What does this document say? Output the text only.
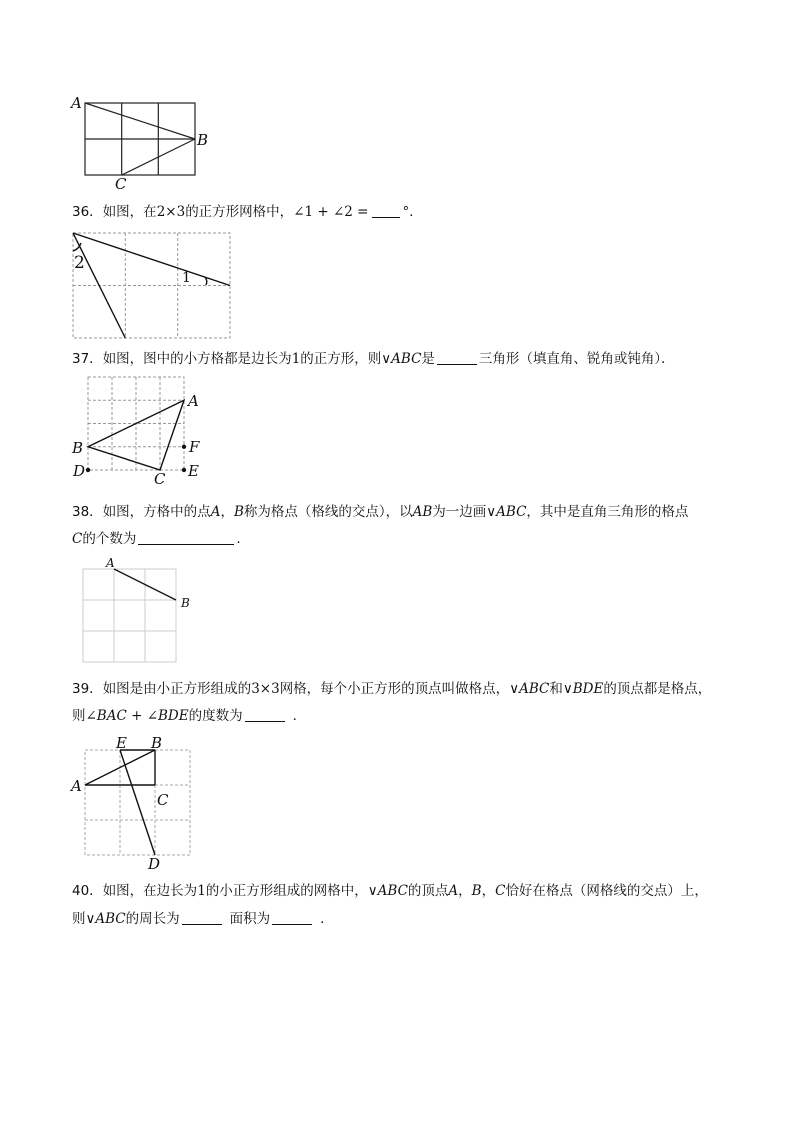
A
B
C
36．如图，在2×3的正方形网格中，∠1 + ∠2 =	°．
1
2
37．如图，图中的小方格都是边长为1的正方形，则∨ABC是	三角形（填直角、锐角或钝角）．
A
B
C
D	E
F
38．如图，方格中的点A，B称为格点（格线的交点），以AB为一边画∨ABC，其中是直角三角形的格点
C的个数为	.
A
B
39．如图是由小正方形组成的3×3网格，每个小正方形的顶点叫做格点，∨ABC和∨BDE的顶点都是格点，
则∠BAC + ∠BDE的度数为	．
E B
A
C
D
40．如图，在边长为1的小正方形组成的网格中，∨ABC的顶点A，B，C恰好在格点（网格线的交点）上，
则∨ABC的周长为	面积为	．
